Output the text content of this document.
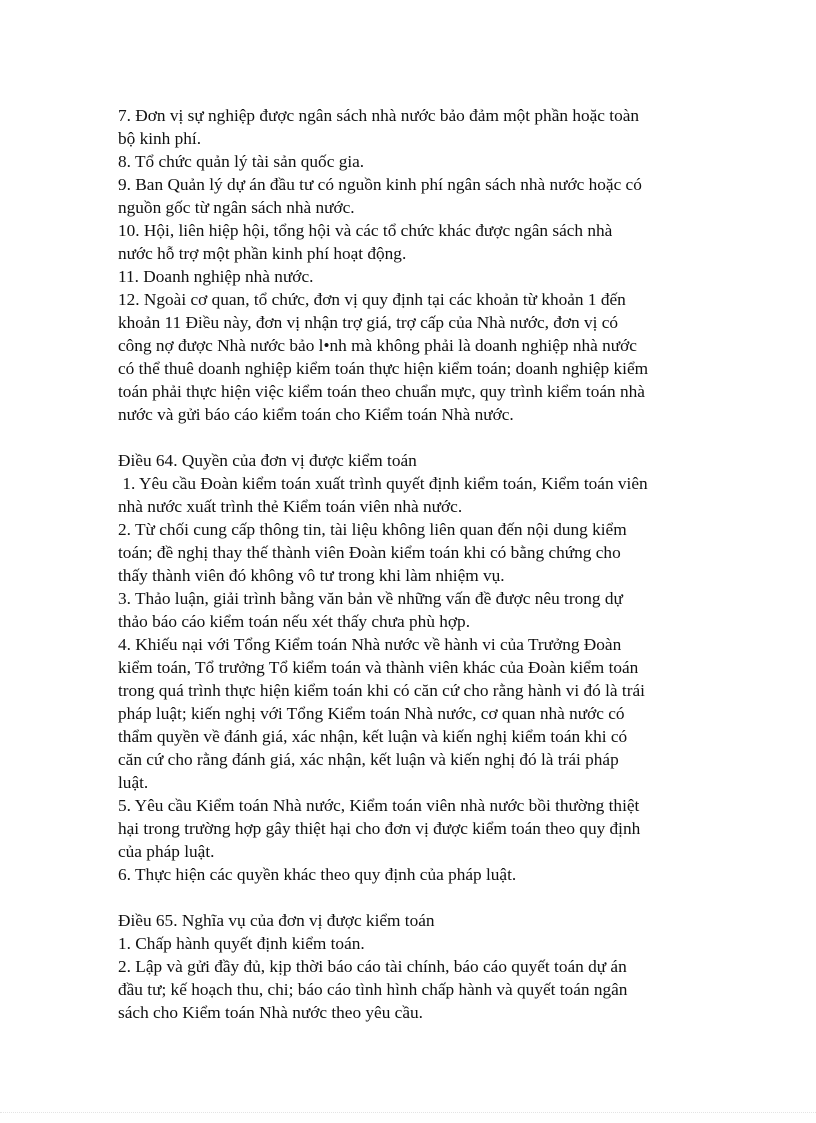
7. Đơn vị sự nghiệp được ngân sách nhà nước bảo đảm một phần hoặc toàn
bộ kinh phí.

8. Tổ chức quản lý tài sản quốc gia.

9. Ban Quản lý dự án đầu tư có nguồn kinh phí ngân sách nhà nước hoặc có
nguồn gốc từ ngân sách nhà nước.

10. Hội, liên hiệp hội, tổng hội và các tổ chức khác được ngân sách nhà
nước hỗ trợ một phần kinh phí hoạt động.

11. Doanh nghiệp nhà nước.

12. Ngoài cơ quan, tổ chức, đơn vị quy định tại các khoản từ khoản 1 đến
khoản 11 Điều này, đơn vị nhận trợ giá, trợ cấp của Nhà nước, đơn vị có
công nợ được Nhà nước bảo l•nh mà không phải là doanh nghiệp nhà nước
có thể thuê doanh nghiệp kiểm toán thực hiện kiểm toán; doanh nghiệp kiểm
toán phải thực hiện việc kiểm toán theo chuẩn mực, quy trình kiểm toán nhà
nước và gửi báo cáo kiểm toán cho Kiểm toán Nhà nước.

Điều 64. Quyền của đơn vị được kiểm toán

1. Yêu cầu Đoàn kiểm toán xuất trình quyết định kiểm toán, Kiểm toán viên
nhà nước xuất trình thẻ Kiểm toán viên nhà nước.

2. Từ chối cung cấp thông tin, tài liệu không liên quan đến nội dung kiểm
toán; đề nghị thay thế thành viên Đoàn kiểm toán khi có bằng chứng cho
thấy thành viên đó không vô tư trong khi làm nhiệm vụ.

3. Thảo luận, giải trình bằng văn bản về những vấn đề được nêu trong dự
thảo báo cáo kiểm toán nếu xét thấy chưa phù hợp.

4. Khiếu nại với Tổng Kiểm toán Nhà nước về hành vi của Trưởng Đoàn
kiểm toán, Tổ trưởng Tổ kiểm toán và thành viên khác của Đoàn kiểm toán
trong quá trình thực hiện kiểm toán khi có căn cứ cho rằng hành vi đó là trái
pháp luật; kiến nghị với Tổng Kiểm toán Nhà nước, cơ quan nhà nước có
thẩm quyền về đánh giá, xác nhận, kết luận và kiến nghị kiểm toán khi có
căn cứ cho rằng đánh giá, xác nhận, kết luận và kiến nghị đó là trái pháp
luật.

5. Yêu cầu Kiểm toán Nhà nước, Kiểm toán viên nhà nước bồi thường thiệt
hại trong trường hợp gây thiệt hại cho đơn vị được kiểm toán theo quy định
của pháp luật.

6. Thực hiện các quyền khác theo quy định của pháp luật.

Điều 65. Nghĩa vụ của đơn vị được kiểm toán

1. Chấp hành quyết định kiểm toán.

2. Lập và gửi đầy đủ, kịp thời báo cáo tài chính, báo cáo quyết toán dự án
đầu tư; kế hoạch thu, chi; báo cáo tình hình chấp hành và quyết toán ngân
sách cho Kiểm toán Nhà nước theo yêu cầu.
